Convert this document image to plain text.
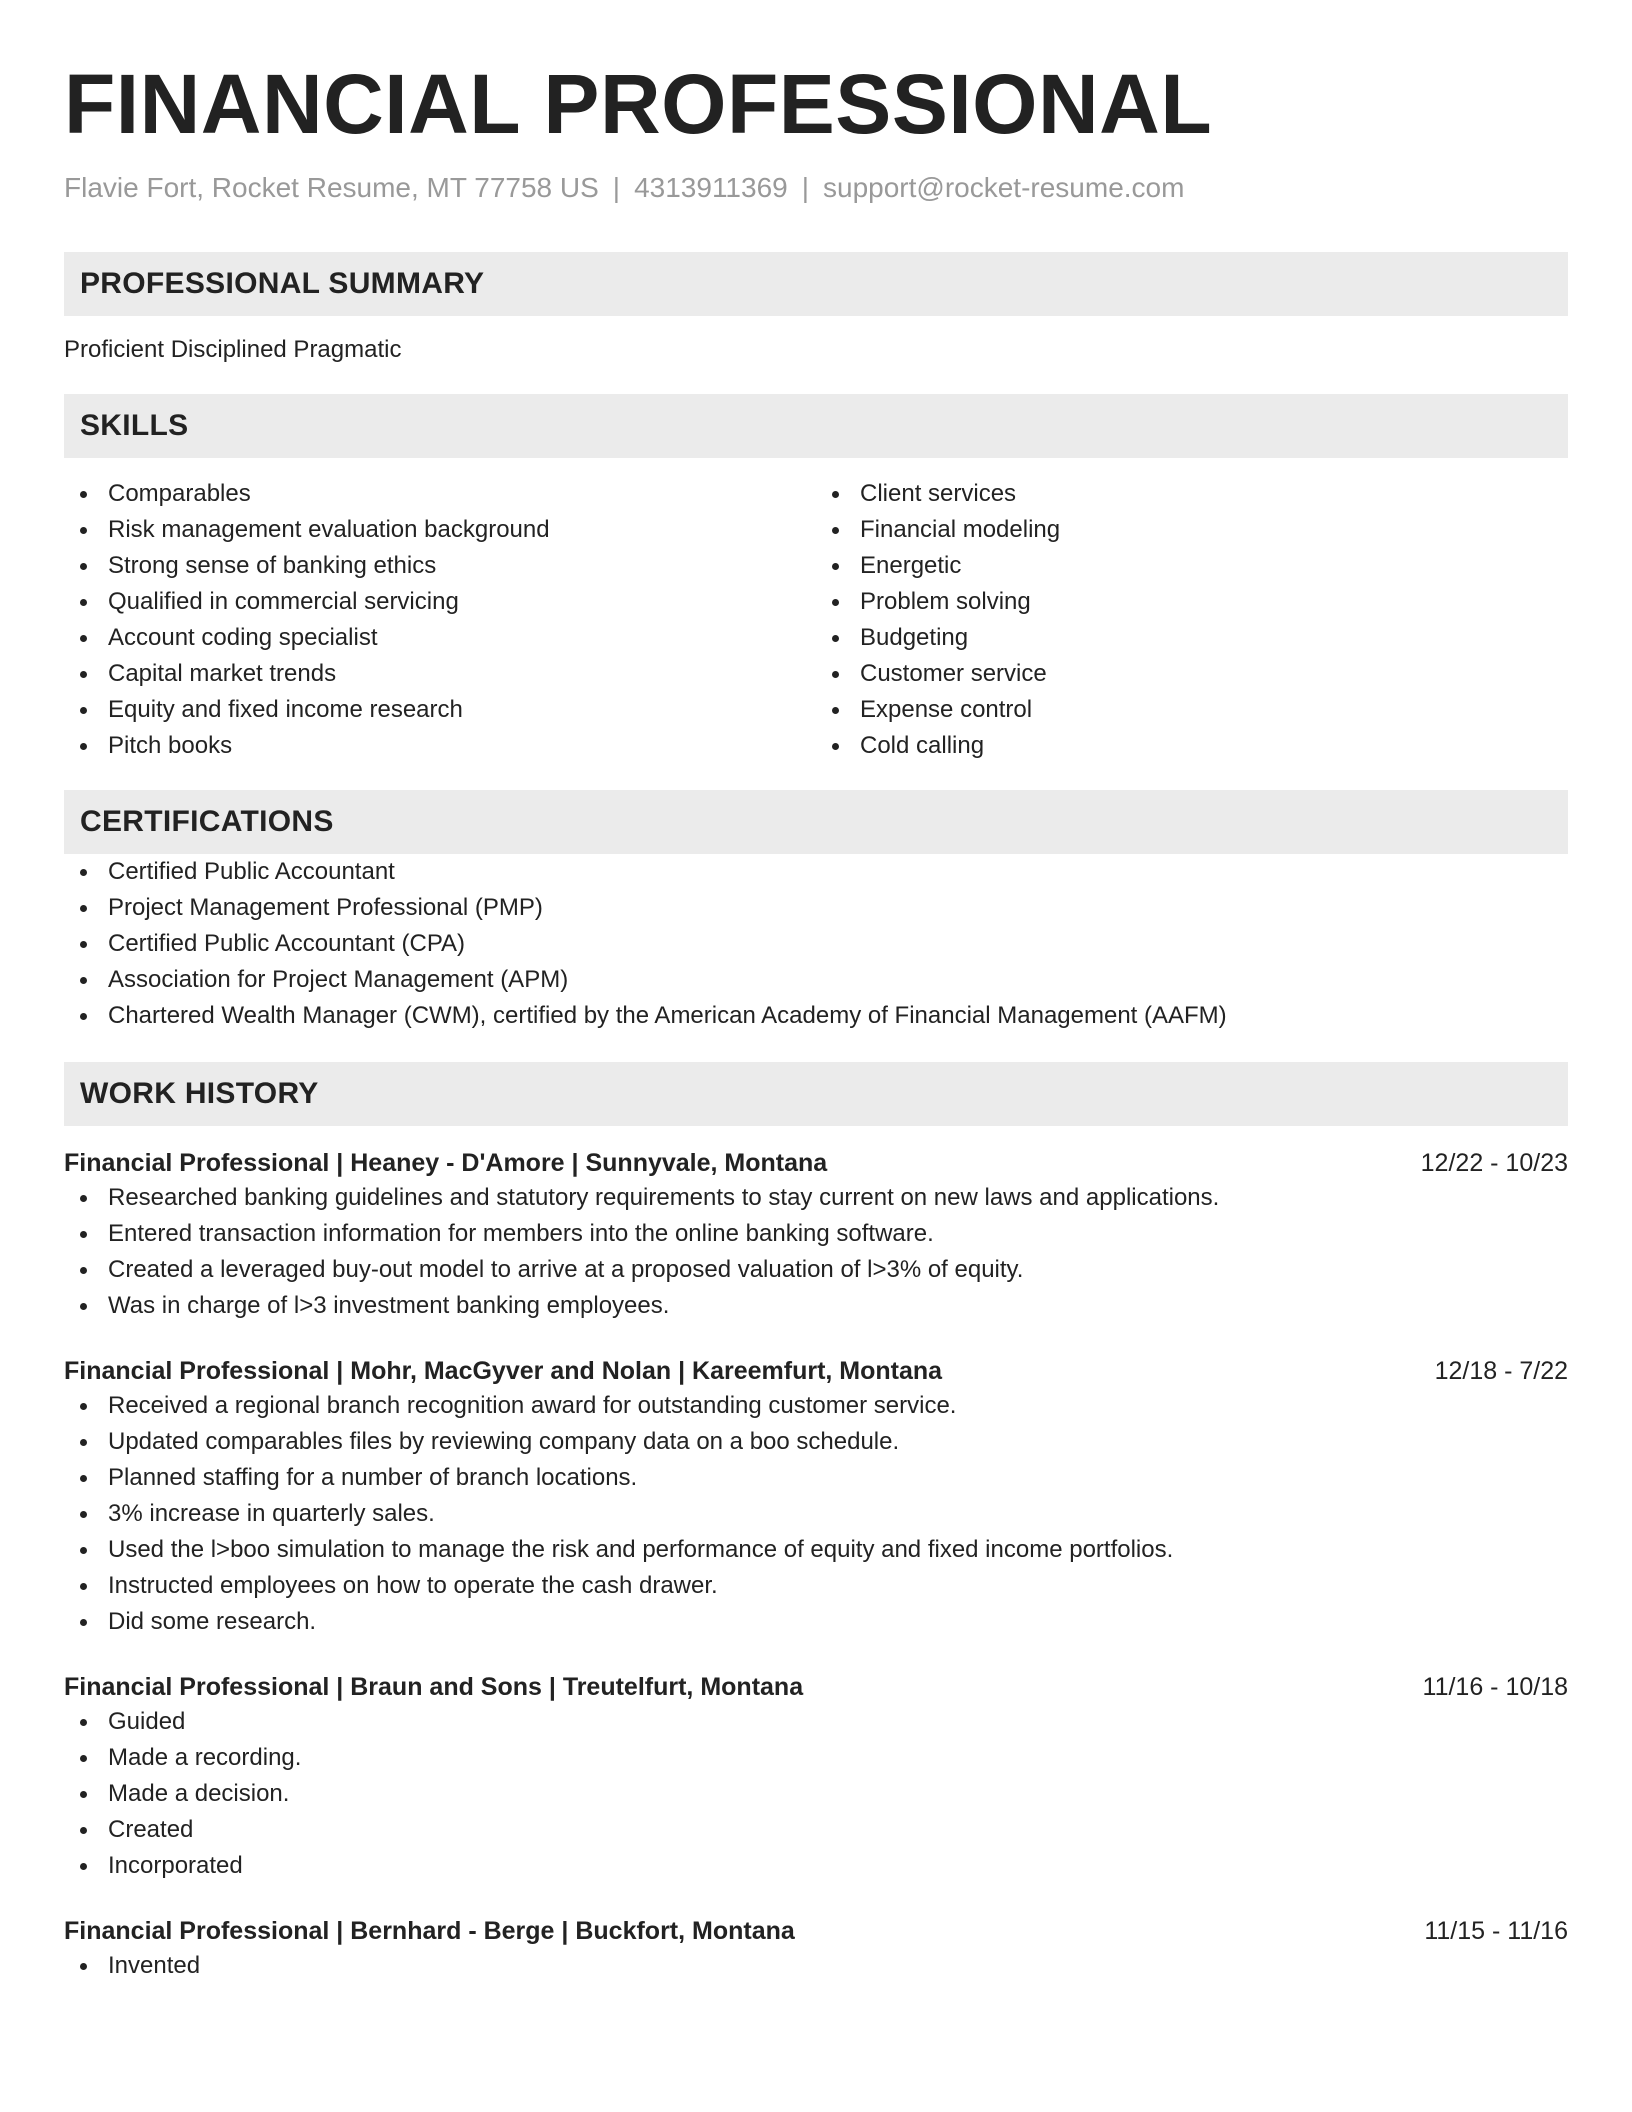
FINANCIAL PROFESSIONAL
Flavie Fort, Rocket Resume, MT 77758 US | 4313911369 | support@rocket-resume.com
PROFESSIONAL SUMMARY
Proficient Disciplined Pragmatic
SKILLS
Comparables
Risk management evaluation background
Strong sense of banking ethics
Qualified in commercial servicing
Account coding specialist
Capital market trends
Equity and fixed income research
Pitch books
Client services
Financial modeling
Energetic
Problem solving
Budgeting
Customer service
Expense control
Cold calling
CERTIFICATIONS
Certified Public Accountant
Project Management Professional (PMP)
Certified Public Accountant (CPA)
Association for Project Management (APM)
Chartered Wealth Manager (CWM), certified by the American Academy of Financial Management (AAFM)
WORK HISTORY
Financial Professional | Heaney - D'Amore | Sunnyvale, Montana	12/22 - 10/23
Researched banking guidelines and statutory requirements to stay current on new laws and applications.
Entered transaction information for members into the online banking software.
Created a leveraged buy-out model to arrive at a proposed valuation of l>3% of equity.
Was in charge of l>3 investment banking employees.
Financial Professional | Mohr, MacGyver and Nolan | Kareemfurt, Montana	12/18 - 7/22
Received a regional branch recognition award for outstanding customer service.
Updated comparables files by reviewing company data on a boo schedule.
Planned staffing for a number of branch locations.
3% increase in quarterly sales.
Used the l>boo simulation to manage the risk and performance of equity and fixed income portfolios.
Instructed employees on how to operate the cash drawer.
Did some research.
Financial Professional | Braun and Sons | Treutelfurt, Montana	11/16 - 10/18
Guided
Made a recording.
Made a decision.
Created
Incorporated
Financial Professional | Bernhard - Berge | Buckfort, Montana	11/15 - 11/16
Invented
